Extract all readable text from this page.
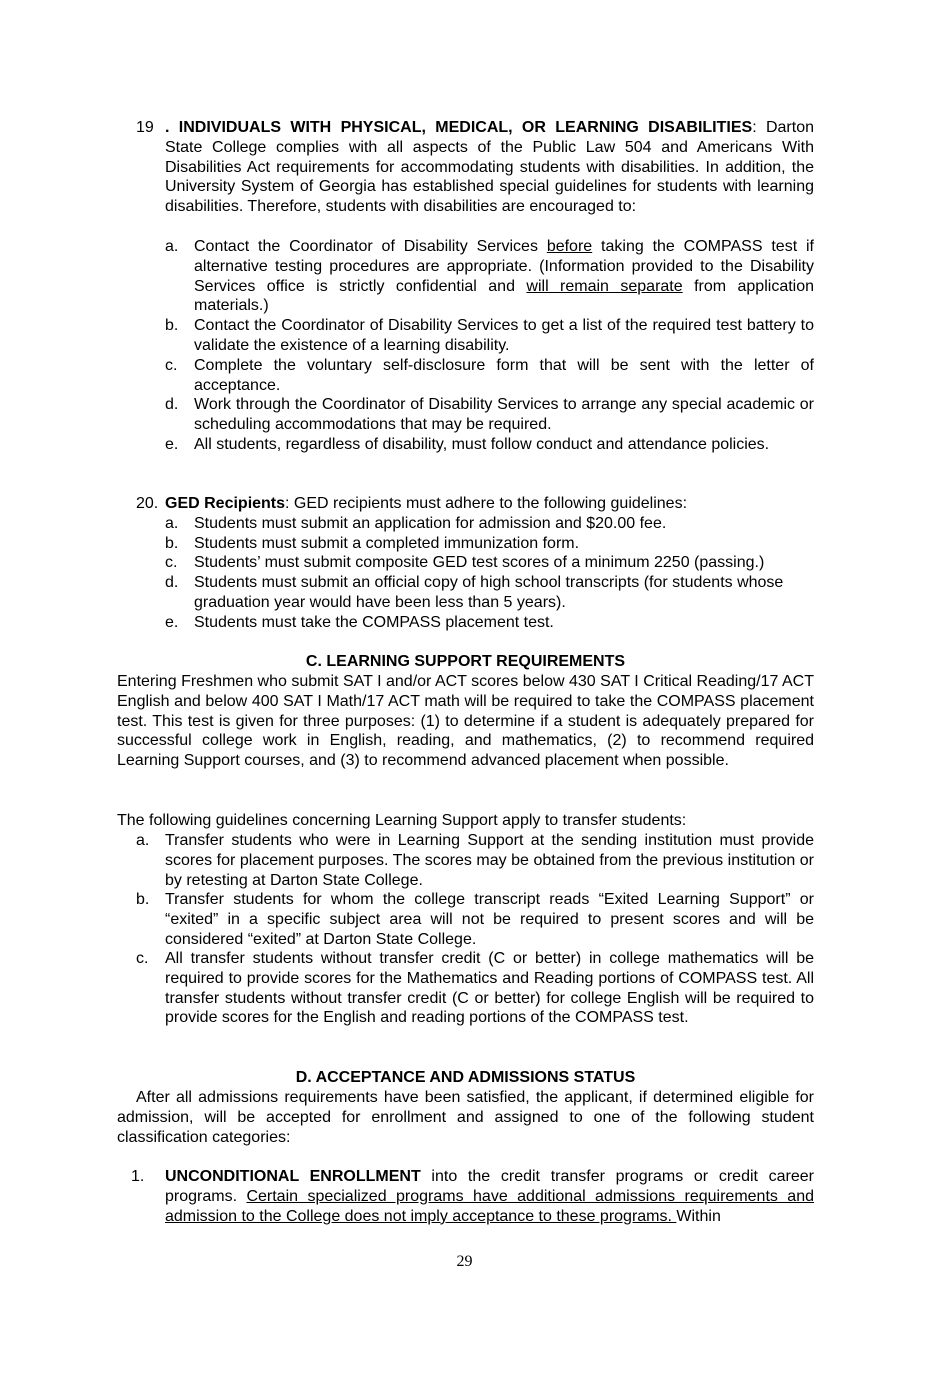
19 . INDIVIDUALS WITH PHYSICAL, MEDICAL, OR LEARNING DISABILITIES: Darton State College complies with all aspects of the Public Law 504 and Americans With Disabilities Act requirements for accommodating students with disabilities. In addition, the University System of Georgia has established special guidelines for students with learning disabilities. Therefore, students with disabilities are encouraged to:
a. Contact the Coordinator of Disability Services before taking the COMPASS test if alternative testing procedures are appropriate. (Information provided to the Disability Services office is strictly confidential and will remain separate from application materials.)
b. Contact the Coordinator of Disability Services to get a list of the required test battery to validate the existence of a learning disability.
c. Complete the voluntary self-disclosure form that will be sent with the letter of acceptance.
d. Work through the Coordinator of Disability Services to arrange any special academic or scheduling accommodations that may be required.
e. All students, regardless of disability, must follow conduct and attendance policies.
20. GED Recipients: GED recipients must adhere to the following guidelines:
a. Students must submit an application for admission and $20.00 fee.
b. Students must submit a completed immunization form.
c. Students’ must submit composite GED test scores of a minimum 2250 (passing.)
d. Students must submit an official copy of high school transcripts (for students whose graduation year would have been less than 5 years).
e. Students must take the COMPASS placement test.
C. LEARNING SUPPORT REQUIREMENTS
Entering Freshmen who submit SAT I and/or ACT scores below 430 SAT I Critical Reading/17 ACT English and below 400 SAT I Math/17 ACT math will be required to take the COMPASS placement test. This test is given for three purposes: (1) to determine if a student is adequately prepared for successful college work in English, reading, and mathematics, (2) to recommend required Learning Support courses, and (3) to recommend advanced placement when possible.
The following guidelines concerning Learning Support apply to transfer students:
a. Transfer students who were in Learning Support at the sending institution must provide scores for placement purposes. The scores may be obtained from the previous institution or by retesting at Darton State College.
b. Transfer students for whom the college transcript reads “Exited Learning Support” or “exited” in a specific subject area will not be required to present scores and will be considered “exited” at Darton State College.
c. All transfer students without transfer credit (C or better) in college mathematics will be required to provide scores for the Mathematics and Reading portions of COMPASS test. All transfer students without transfer credit (C or better) for college English will be required to provide scores for the English and reading portions of the COMPASS test.
D. ACCEPTANCE AND ADMISSIONS STATUS
After all admissions requirements have been satisfied, the applicant, if determined eligible for admission, will be accepted for enrollment and assigned to one of the following student classification categories:
1. UNCONDITIONAL ENROLLMENT into the credit transfer programs or credit career programs. Certain specialized programs have additional admissions requirements and admission to the College does not imply acceptance to these programs. Within
29
